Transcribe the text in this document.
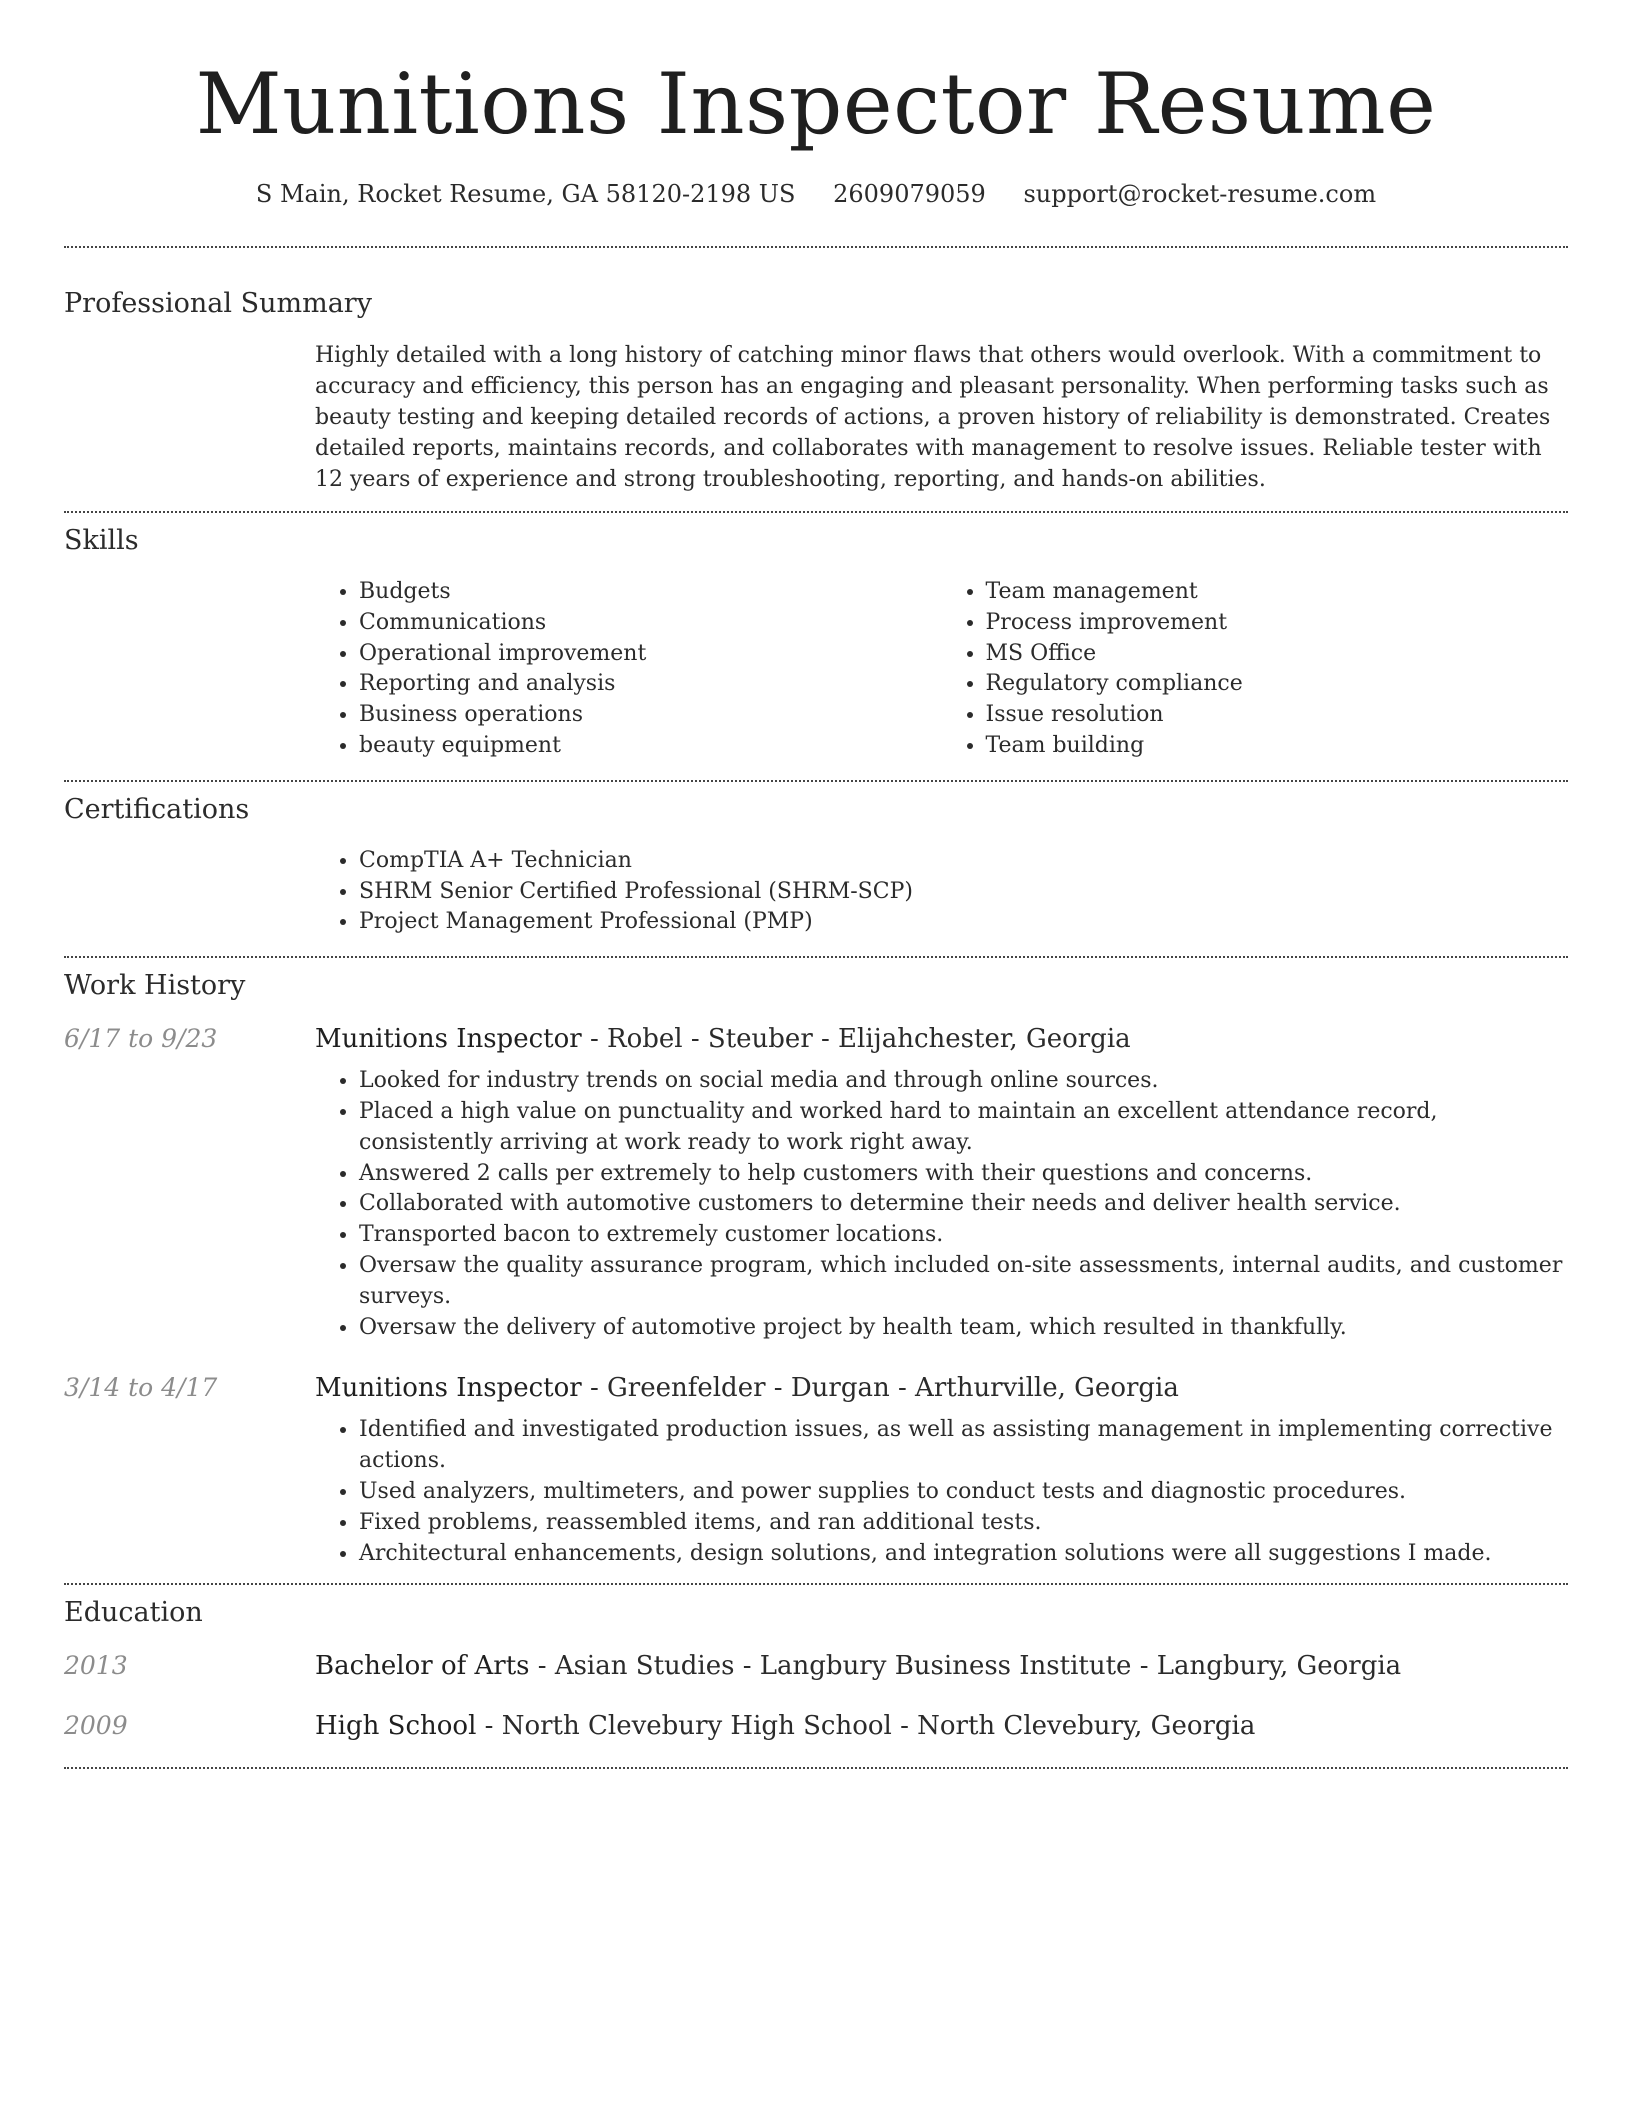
Munitions Inspector Resume
S Main, Rocket Resume, GA 58120-2198 US 2609079059 support@rocket-resume.com
Professional Summary

Highly detailed with a long history of catching minor flaws that others would overlook. With a commitment to accuracy and efficiency, this person has an engaging and pleasant personality. When performing tasks such as beauty testing and keeping detailed records of actions, a proven history of reliability is demonstrated. Creates detailed reports, maintains records, and collaborates with management to resolve issues. Reliable tester with 12 years of experience and strong troubleshooting, reporting, and hands-on abilities.

Skills
• Budgets
• Communications
• Operational improvement
• Reporting and analysis
• Business operations
• beauty equipment
• Team management
• Process improvement
• MS Office
• Regulatory compliance
• Issue resolution
• Team building
Certifications
• CompTIA A+ Technician
• SHRM Senior Certified Professional (SHRM-SCP)
• Project Management Professional (PMP)
Work History
6/17 to 9/23	Munitions Inspector - Robel - Steuber - Elijahchester, Georgia
• Looked for industry trends on social media and through online sources.
• Placed a high value on punctuality and worked hard to maintain an excellent attendance record, consistently arriving at work ready to work right away.
• Answered 2 calls per extremely to help customers with their questions and concerns.
• Collaborated with automotive customers to determine their needs and deliver health service.
• Transported bacon to extremely customer locations.
• Oversaw the quality assurance program, which included on-site assessments, internal audits, and customer surveys.
• Oversaw the delivery of automotive project by health team, which resulted in thankfully.
3/14 to 4/17	Munitions Inspector - Greenfelder - Durgan - Arthurville, Georgia
• Identified and investigated production issues, as well as assisting management in implementing corrective actions.
• Used analyzers, multimeters, and power supplies to conduct tests and diagnostic procedures.
• Fixed problems, reassembled items, and ran additional tests.
• Architectural enhancements, design solutions, and integration solutions were all suggestions I made.
Education
2013	Bachelor of Arts - Asian Studies - Langbury Business Institute - Langbury, Georgia
2009	High School - North Clevebury High School - North Clevebury, Georgia
